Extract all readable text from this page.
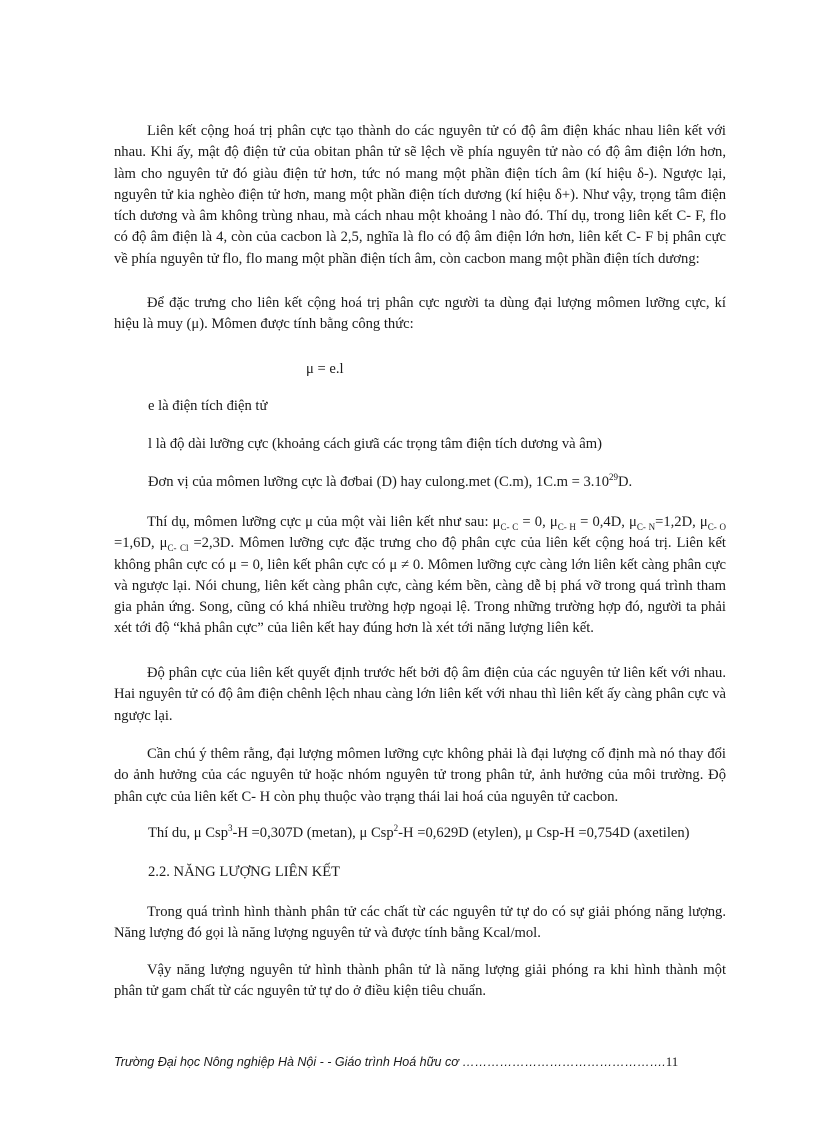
Liên kết cộng hoá trị phân cực tạo thành do các nguyên tử có độ âm điện khác nhau liên kết với nhau. Khi ấy, mật độ điện tử của obitan phân tử sẽ lệch về phía nguyên tử nào có độ âm điện lớn hơn, làm cho nguyên tử đó giàu điện tử hơn, tức nó mang một phần điện tích âm (kí hiệu δ-). Ngược lại, nguyên tử kia nghèo điện tử hơn, mang một phần điện tích dương (kí hiệu δ+). Như vậy, trọng tâm điện tích dương và âm không trùng nhau, mà cách nhau một khoảng l nào đó. Thí dụ, trong liên kết C- F, flo có độ âm điện là 4, còn của cacbon là 2,5, nghĩa là flo có độ âm điện lớn hơn, liên kết C- F bị phân cực về phía nguyên tử flo, flo mang một phần điện tích âm, còn cacbon mang một phần điện tích dương:

Để đặc trưng cho liên kết cộng hoá trị phân cực người ta dùng đại lượng mômen lưỡng cực, kí hiệu là muy (μ). Mômen được tính bằng công thức:

μ = e.l

e là điện tích điện tử

l là độ dài lưỡng cực (khoảng cách giưã các trọng tâm điện tích dương và âm)

Đơn vị của mômen lưỡng cực là đơbai (D) hay culong.met (C.m), $1C.m = 3.10^{29}D$.

Thí dụ, mômen lưỡng cực μ của một vài liên kết như sau: $\mu_{C- C} = 0$, $\mu_{C- H} = 0,4D$, $\mu_{C- N}=1,2D$, $\mu_{C- O} =1,6D$, $\mu_{C- Cl} =2,3D$. Mômen lưỡng cực đặc trưng cho độ phân cực của liên kết cộng hoá trị. Liên kết không phân cực có μ = 0, liên kết phân cực có μ ≠ 0. Mômen lưỡng cực càng lớn liên kết càng phân cực và ngược lại. Nói chung, liên kết càng phân cực, càng kém bền, càng dễ bị phá vỡ trong quá trình tham gia phản ứng. Song, cũng có khá nhiều trường hợp ngoại lệ. Trong những trường hợp đó, người ta phải xét tới độ “khả phân cực” của liên kết hay đúng hơn là xét tới năng lượng liên kết.

Độ phân cực của liên kết quyết định trước hết bởi độ âm điện của các nguyên tử liên kết với nhau. Hai nguyên tử có độ âm điện chênh lệch nhau càng lớn liên kết với nhau thì liên kết ấy càng phân cực và ngược lại.

Cần chú ý thêm rằng, đại lượng mômen lưỡng cực không phải là đại lượng cố định mà nó thay đổi do ảnh hưởng của các nguyên tử hoặc nhóm nguyên tử trong phân tử, ảnh hưởng của môi trường. Độ phân cực của liên kết C- H còn phụ thuộc vào trạng thái lai hoá của nguyên tử cacbon.

Thí du, μ Csp$^3$-H =0,307D (metan), μ Csp$^2$-H =0,629D (etylen), μ Csp-H =0,754D (axetilen)

2.2. NĂNG LƯỢNG LIÊN KẾT

Trong quá trình hình thành phân tử các chất từ các nguyên tử tự do có sự giải phóng năng lượng. Năng lượng đó gọi là năng lượng nguyên tử và được tính bằng Kcal/mol.

Vậy năng lượng nguyên tử hình thành phân tử là năng lượng giải phóng ra khi hình thành một phân tử gam chất từ các nguyên tử tự do ở điều kiện tiêu chuẩn.

Trường Đại học Nông nghiệp Hà Nội - - Giáo trình Hoá hữu cơ ………………………………………….11
